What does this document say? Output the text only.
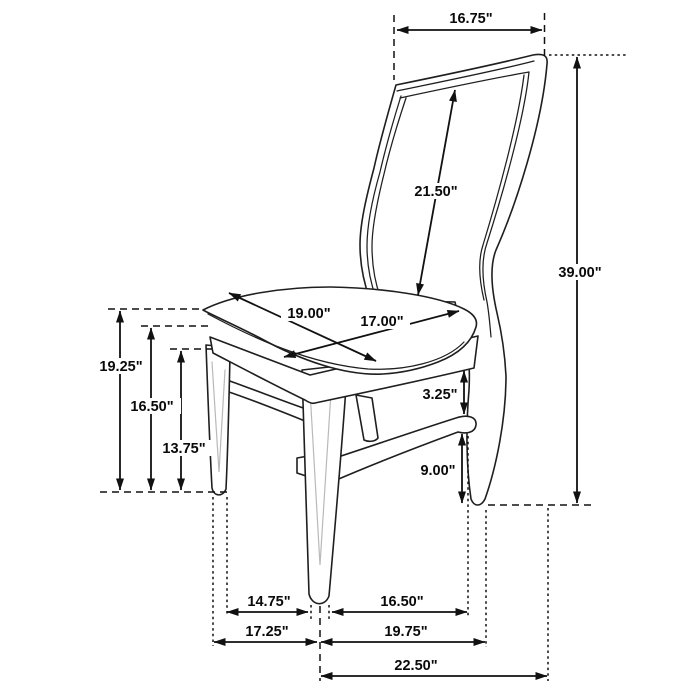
16.75"
21.50"
39.00"
19.00" 17.00"
19.25"
16.50"
13.75"
3.25"
9.00"
14.75"	16.50"
17.25"	19.75"
22.50"
